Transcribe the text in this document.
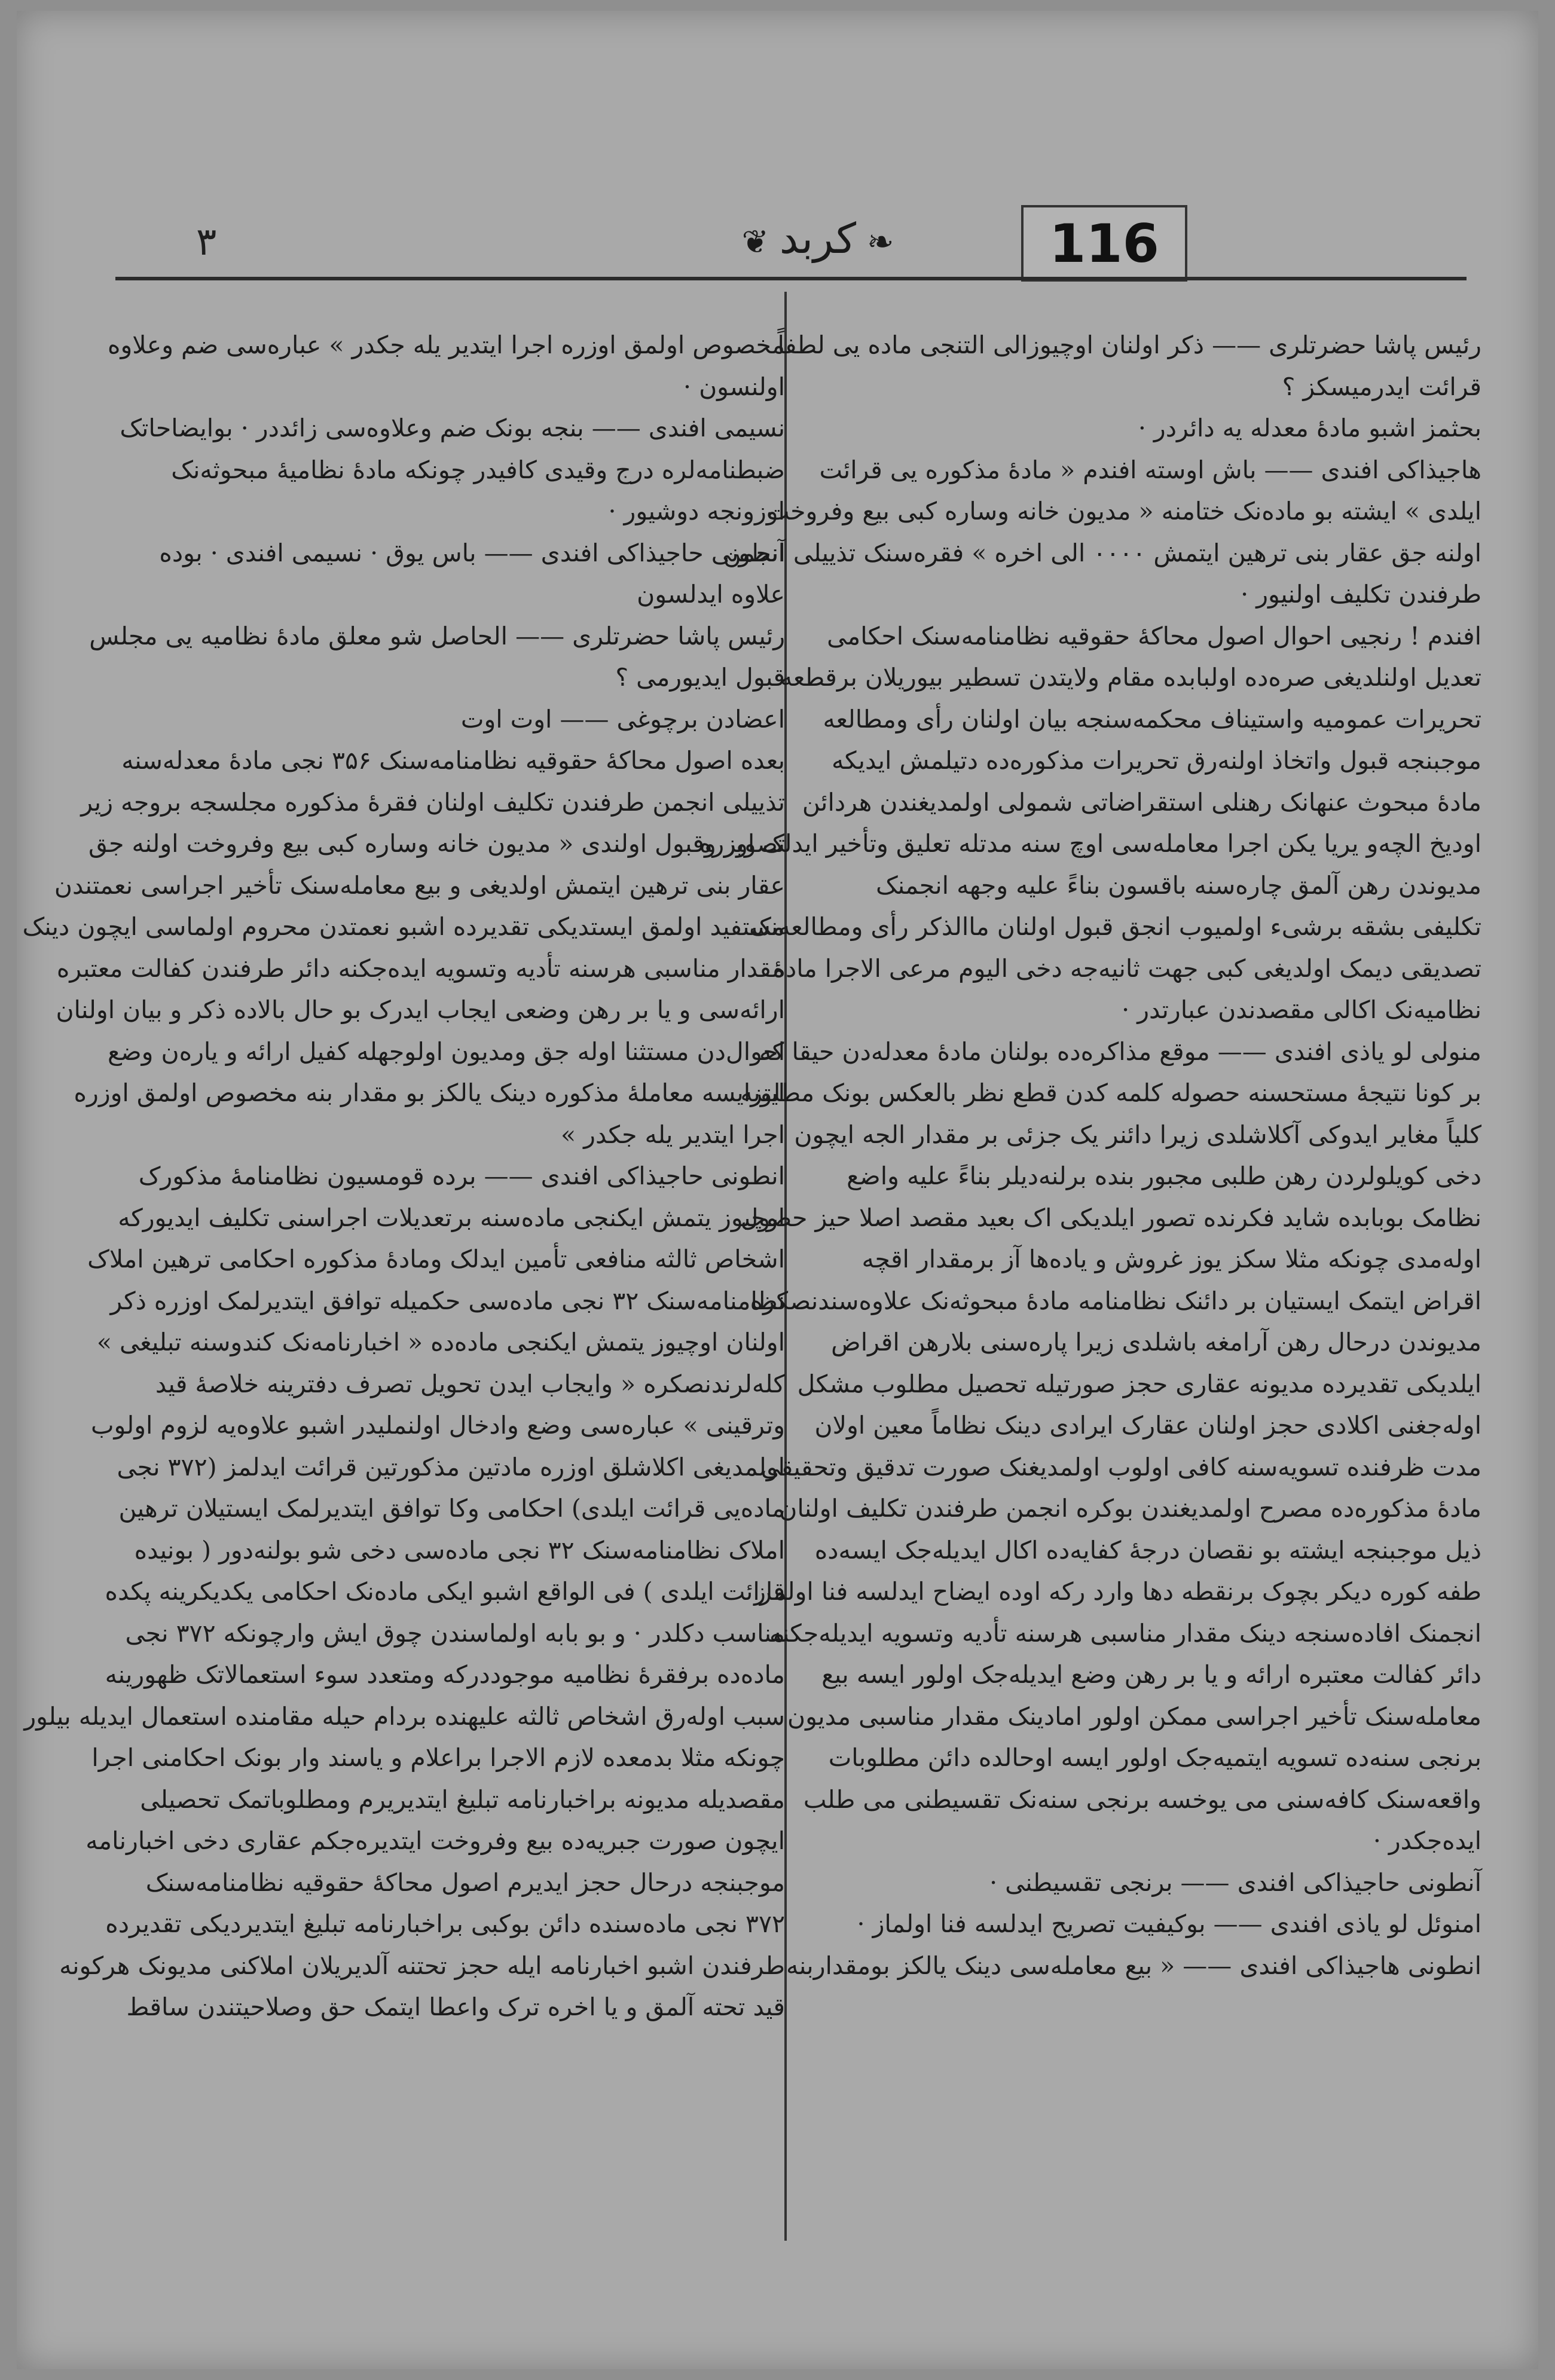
116
٣	❦ کربد ❧

رئیس پاشا حضرتلری —— ذکر اولنان اوچیوزالی التنجی ماده یی لطفاً

قرائت ایدرمیسکز ؟

بحثمز اشبو ماده‌ٔ معدله یه دائردر ·

هاجیذاکی افندی —— باش اوسته افندم « ماده‌ٔ مذکوره یی قرائت

ایلدی » ایشته بو ماده‌نک ختامنه « مدیون خانه وساره کبی بیع وفروخت

اولنه جق عقار بنی ترهین ایتمش ۰۰۰۰ الی اخره » فقره‌سنک تذییلی انجمن

طرفندن تکلیف اولنیور ·

افندم ! رنجیی احوال اصول محاکه‌ٔ حقوقیه نظامنامه‌سنک احکامی

تعدیل اولنلدیغی صره‌ده اولبابده مقام ولایتدن تسطیر بیوریلان برقطعه

تحریرات عمومیه واستیناف محکمه‌سنجه بیان اولنان رأی ومطالعه

موجبنجه قبول واتخاذ اولنه‌رق تحریرات مذکوره‌ده دتیلمش ایدیکه

ماده‌ٔ مبحوث عنهانک رهنلی استقراضاتی شمولی اولمدیغندن هردائن

اودیخ الچه‌و یریا یکن اجرا معامله‌سی اوچ سنه مدتله تعلیق وتأخیر ایدلک اوزره

مدیوندن رهن آلمق چاره‌سنه باقسون بناءً علیه وجهه انجمنک

تکلیفی بشقه برشیء اولمیوب انجق قبول اولنان ماالذکر رأی ومطالعه‌نک

تصدیقی دیمک اولدیغی کبی جهت ثانیه‌جه دخی الیوم مرعی الاجرا ماده‌ٔ

نظامیه‌نک اکالی مقصدندن عبارتدر ·

منولی لو یاذی افندی —— موقع مذاکره‌ده بولنان ماده‌ٔ معدله‌دن حیقا که

بر کونا نتیجه‌ٔ مستحسنه حصوله کلمه کدن قطع نظر بالعکس بونک مطلوبه

کلیاً مغایر ایدوکی آکلاشلدی زیرا دائنر یک جزئی بر مقدار الجه ایچون

دخی کویلولردن رهن طلبی مجبور بنده برلنه‌دیلر بناءً علیه واضع

نظامک بوبابده شاید فکرنده تصور ایلدیکی اک بعید مقصد اصلا حیز حصول

اوله‌مدی چونکه مثلا سکز یوز غروش و یاده‌ها آز برمقدار اقچه

اقراض ایتمک ایستیان بر دائنک نظامنامه ماده‌ٔ مبحوثه‌نک علاوه‌سندنصکره

مدیوندن درحال رهن آرامغه باشلدی زیرا پاره‌سنی بلارهن اقراض

ایلدیکی تقدیرده مدیونه عقاری حجز صورتیله تحصیل مطلوب مشکل

اوله‌جغنی اکلادی حجز اولنان عقارک ایرادی دینک نظاماً معین اولان

مدت ظرفنده تسویه‌سنه کافی اولوب اولمدیغنک صورت تدقیق وتحقیقی

ماده‌ٔ مذکوره‌ده مصرح اولمدیغندن بوکره انجمن طرفندن تکلیف اولنان

ذیل موجبنجه ایشته بو نقصان درجه‌ٔ کفایه‌ده اکال ایدیله‌جک ایسه‌ده

طفه کوره دیکر بچوک برنقطه دها وارد رکه اوده ایضاح ایدلسه فنا اولماز

انجمنک افاده‌سنجه دینک مقدار مناسبی هرسنه تأدیه وتسویه ایدیله‌جکنه

دائر کفالت معتبره ارائه و یا بر رهن وضع ایدیله‌جک اولور ایسه بیع

معامله‌سنک تأخیر اجراسی ممکن اولور امادینک مقدار مناسبی مدیون

برنجی سنه‌ده تسویه ایتمیه‌جک اولور ایسه اوحالده دائن مطلوبات

واقعه‌سنک کافه‌سنی می یوخسه برنجی سنه‌نک تقسیطنی می طلب

ایده‌جکدر ·

آنطونی حاجیذاکی افندی —— برنجی تقسیطنی ·

امنوئل لو یاذی افندی —— بوکیفیت تصریح ایدلسه فنا اولماز ·

انطونی هاجیذاکی افندی —— « بیع معامله‌سی دینک یالکز بومقداربنه

مخصوص اولمق اوزره اجرا ایتدیر یله جکدر » عباره‌سی ضم وعلاوه

اولنسون ·

نسیمی افندی —— بنجه بونک ضم وعلاوه‌سی زائددر · بوایضاحاتک

ضبطنامه‌لره درج وقیدی کافیدر چونکه ماده‌ٔ نظامیه‌ٔ مبحوثه‌نک

اوزونجه دوشیور ·

آنطونی حاجیذاکی افندی —— باس یوق · نسیمی افندی · بوده

علاوه ایدلسون

رئیس پاشا حضرتلری —— الحاصل شو معلق ماده‌ٔ نظامیه یی مجلس

قبول ایدیورمی ؟

اعضادن برچوغی —— اوت اوت

بعده اصول محاکه‌ٔ حقوقیه نظامنامه‌سنک ۳۵۶ نجی ماده‌ٔ معدله‌سنه

تذییلی انجمن طرفندن تکلیف اولنان فقره‌ٔ مذکوره مجلسجه بروجه زیر

تصویر وقبول اولندی « مدیون خانه وساره کبی بیع وفروخت اولنه جق

عقار بنی ترهین ایتمش اولدیغی و بیع معامله‌سنک تأخیر اجراسی نعمتندن

مستفید اولمق ایستدیکی تقدیرده اشبو نعمتدن محروم اولماسی ایچون دینک

مقدار مناسبی هرسنه تأدیه وتسویه ایده‌جکنه دائر طرفندن کفالت معتبره

ارائه‌سی و یا بر رهن وضعی ایجاب ایدرک بو حال بالاده ذکر و بیان اولنان

احوال‌دن مستثنا اوله جق ومدیون اولوجهله کفیل ارائه و یاره‌ن وضع

ایتزایسه معامله‌ٔ مذکوره دینک یالکز بو مقدار بنه مخصوص اولمق اوزره

اجرا ایتدیر یله جکدر »

انطونی حاجیذاکی افندی —— برده قومسیون نظامنامه‌ٔ مذکورک

اوچیوز یتمش ایکنجی ماده‌سنه برتعدیلات اجراسنی تکلیف ایدیورکه

اشخاص ثالثه منافعی تأمین ایدلک وماده‌ٔ مذکوره احکامی ترهین املاک

نظامنامه‌سنک ۳۲ نجی ماده‌سی حکمیله توافق ایتدیرلمک اوزره ذکر

اولنان اوچیوز یتمش ایکنجی ماده‌ده « اخبارنامه‌نک کندوسنه تبلیغی »

کله‌لرندنصکره « وایجاب ایدن تحویل تصرف دفترینه خلاصه‌ٔ قید

وترقینی » عباره‌سی وضع وادخال اولنملیدر اشبو علاوه‌یه لزوم اولوب

اولمدیغی اکلاشلق اوزره مادتین مذکورتین قرائت ایدلمز (۳۷۲ نجی

ماده‌یی قرائت ایلدی) احکامی وکا توافق ایتدیرلمک ایستیلان ترهین

املاک نظامنامه‌سنک ۳۲ نجی ماده‌سی دخی شو بولنه‌دور ( بونیده

قرائت ایلدی ) فی الواقع اشبو ایکی ماده‌نک احکامی یکدیکرینه پکده

مناسب دکلدر · و بو بابه اولماسندن چوق ایش وارچونکه ۳۷۲ نجی

ماده‌ده برفقره‌ٔ نظامیه موجوددرکه ومتعدد سوء استعمالاتک ظهورینه

سبب اوله‌رق اشخاص ثالثه علیهنده بردام حیله مقامنده استعمال ایدیله بیلور

چونکه مثلا بدمعده لازم الاجرا براعلام و یاسند وار بونک احکامنی اجرا

مقصدیله مدیونه براخبارنامه تبلیغ ایتدیریرم ومطلوباتمک تحصیلی

ایچون صورت جبریه‌ده بیع وفروخت ایتدیره‌جکم عقاری دخی اخبارنامه

موجبنجه درحال حجز ایدیرم اصول محاکه‌ٔ حقوقیه نظامنامه‌سنک

۳۷۲ نجی ماده‌سنده دائن بوکبی براخبارنامه تبلیغ ایتدیردیکی تقدیرده

طرفندن اشبو اخبارنامه ایله حجز تحتنه آلدیریلان املاکنی مدیونک هرکونه

قید تحته آلمق و یا اخره ترک واعطا ایتمک حق وصلاحیتندن ساقط
